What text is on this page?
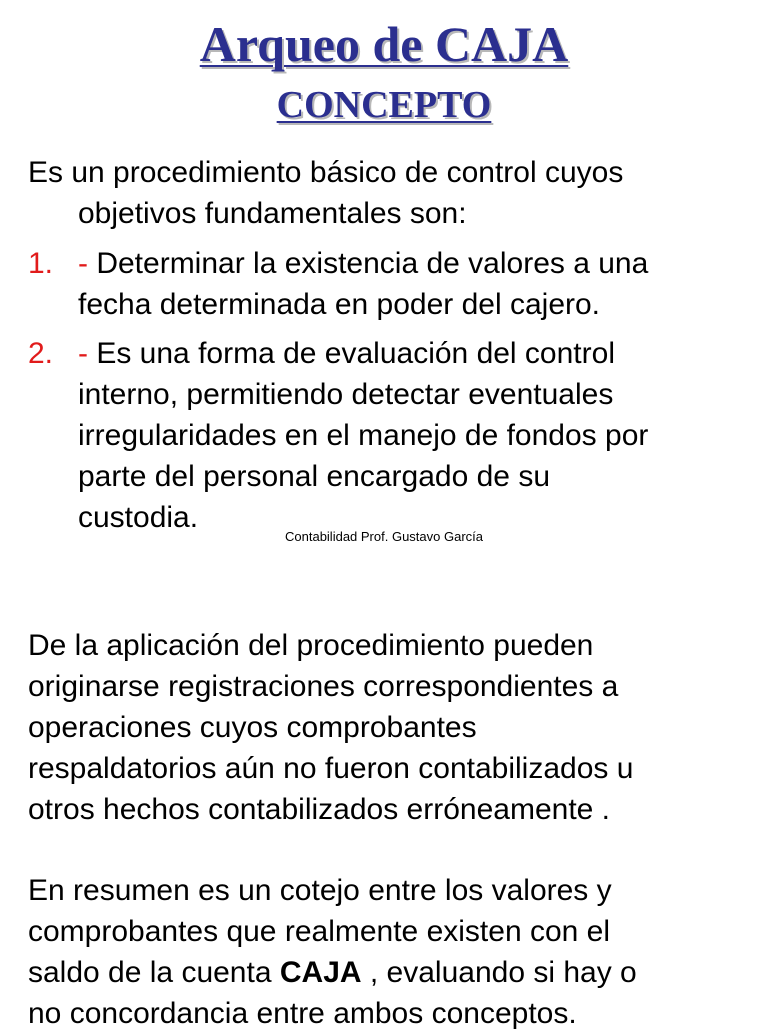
Arqueo de CAJA
CONCEPTO

Es un procedimiento básico de control cuyos

objetivos fundamentales son:

1. - Determinar la existencia de valores a una

fecha determinada en poder del cajero.

2. - Es una forma de evaluación del control

interno, permitiendo detectar eventuales

irregularidades en el manejo de fondos por

parte del personal encargado de su

custodia.

Contabilidad Prof. Gustavo García

De la aplicación del procedimiento pueden

originarse registraciones correspondientes a

operaciones cuyos comprobantes

respaldatorios aún no fueron contabilizados u

otros hechos contabilizados erróneamente .

En resumen es un cotejo entre los valores y

comprobantes que realmente existen con el

saldo de la cuenta CAJA , evaluando si hay o

no concordancia entre ambos conceptos.
